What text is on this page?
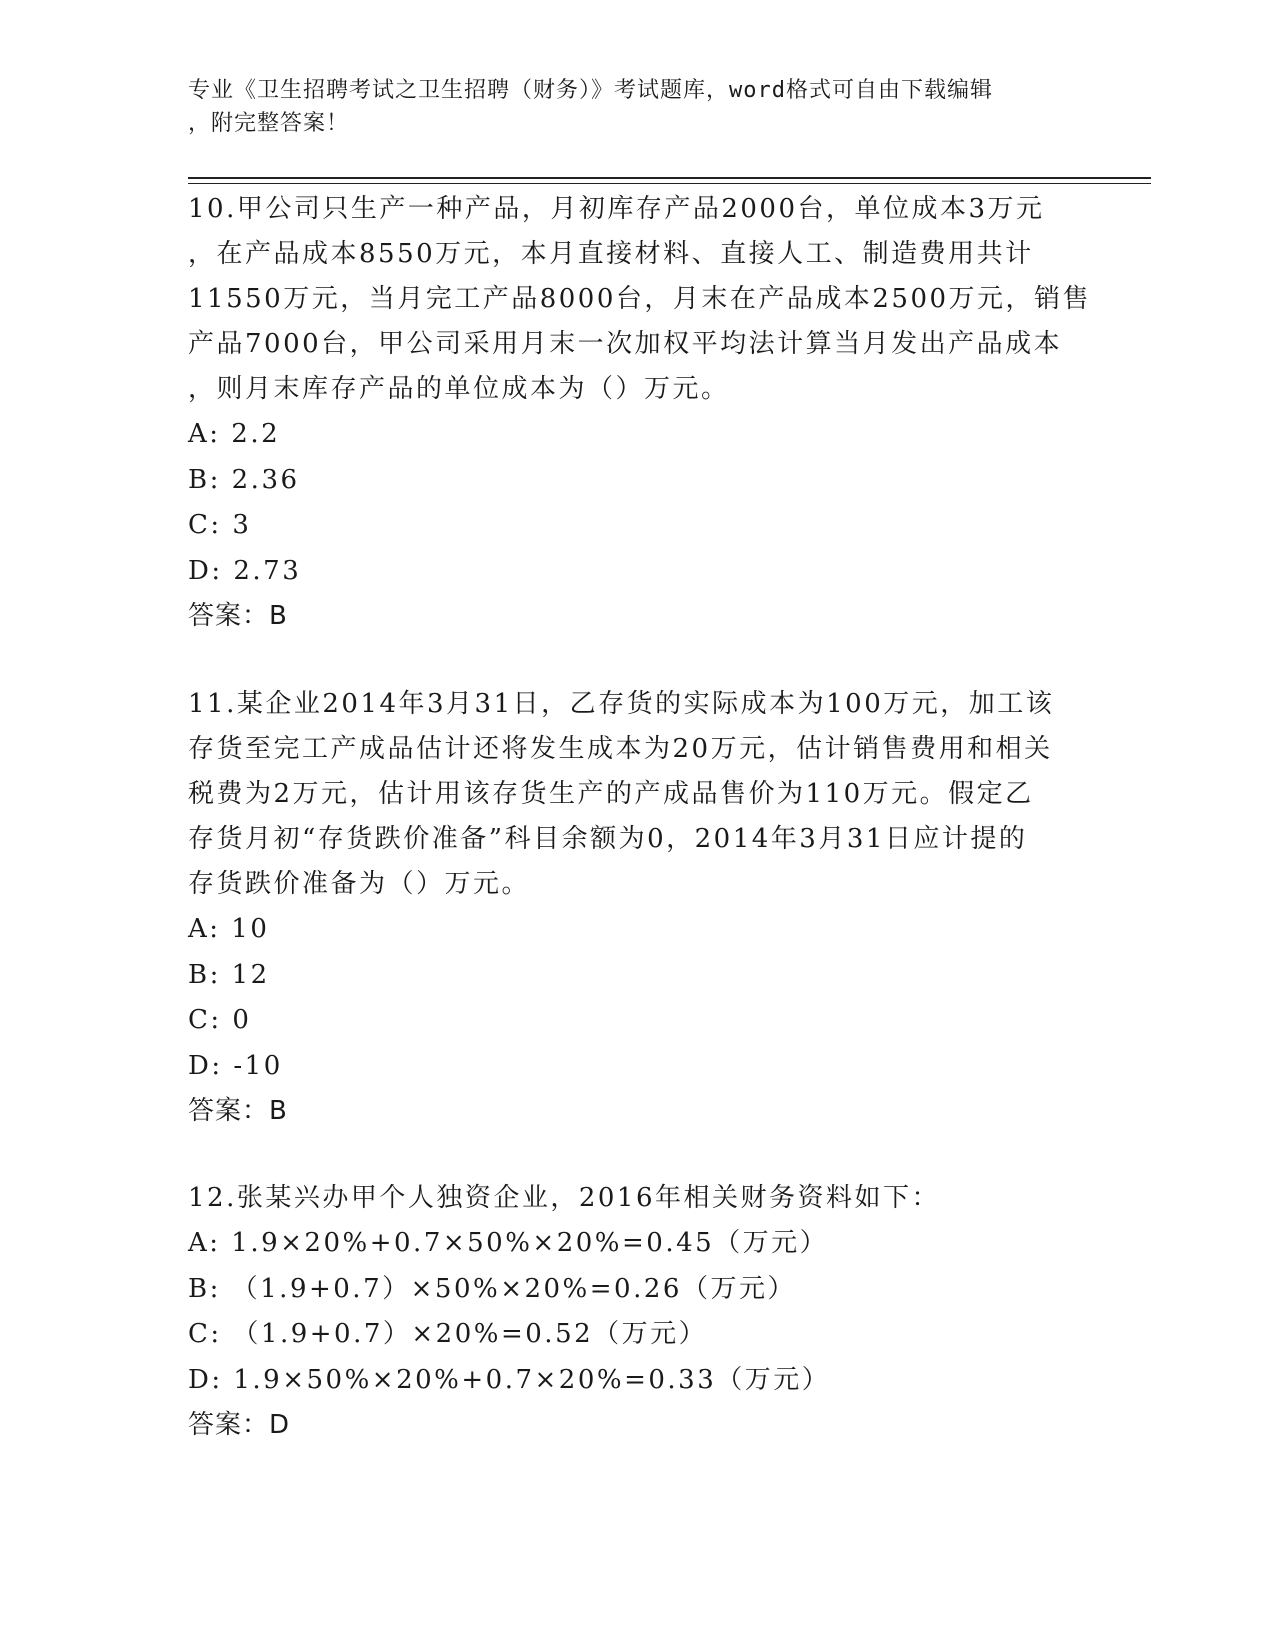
专业《卫生招聘考试之卫生招聘（财务）》考试题库，word格式可自由下载编辑
，附完整答案！
10.甲公司只生产一种产品，月初库存产品2000台，单位成本3万元
，在产品成本8550万元，本月直接材料、直接人工、制造费用共计
11550万元，当月完工产品8000台，月末在产品成本2500万元，销售
产品7000台，甲公司采用月末一次加权平均法计算当月发出产品成本
，则月末库存产品的单位成本为（）万元。
A: 2.2
B: 2.36
C: 3
D: 2.73
答案：B
11.某企业2014年3月31日，乙存货的实际成本为100万元，加工该
存货至完工产成品估计还将发生成本为20万元，估计销售费用和相关
税费为2万元，估计用该存货生产的产成品售价为110万元。假定乙
存货月初“存货跌价准备”科目余额为0，2014年3月31日应计提的
存货跌价准备为（）万元。
A: 10
B: 12
C: 0
D: -10
答案：B
12.张某兴办甲个人独资企业，2016年相关财务资料如下：
A: 1.9×20%+0.7×50%×20%=0.45（万元）
B: （1.9+0.7）×50%×20%=0.26（万元）
C: （1.9+0.7）×20%=0.52（万元）
D: 1.9×50%×20%+0.7×20%=0.33（万元）
答案：D
